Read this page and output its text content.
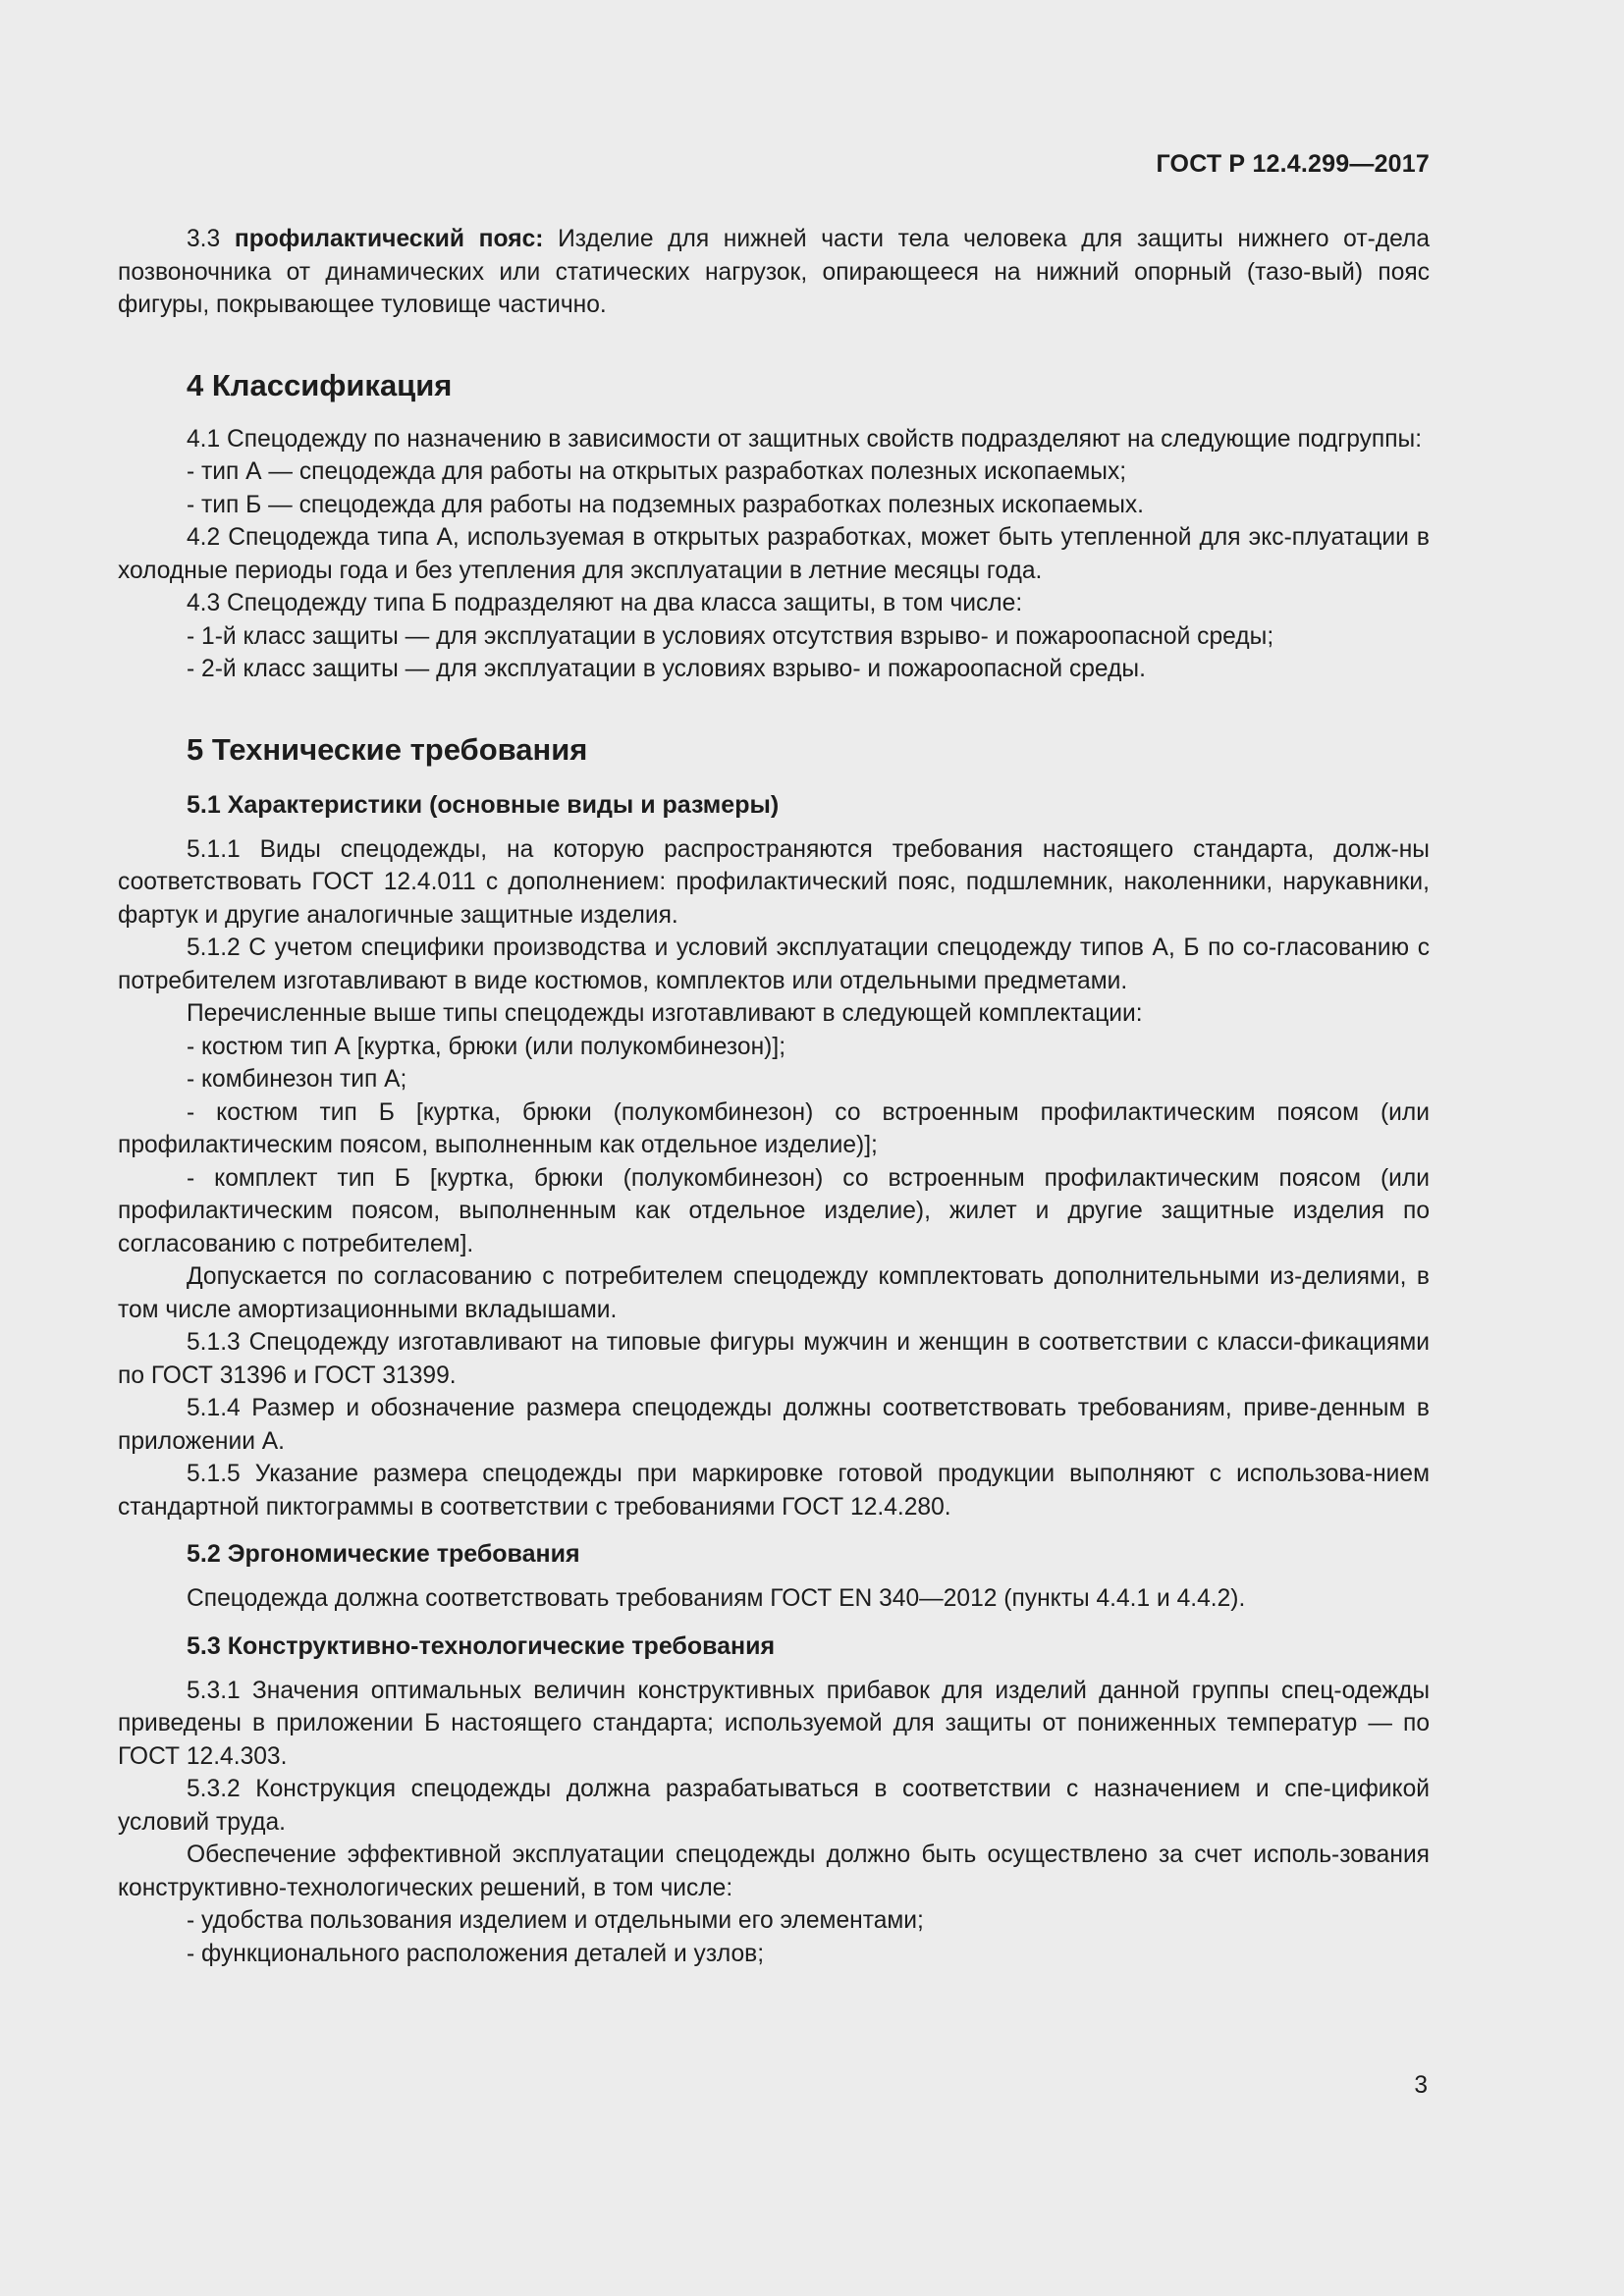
ГОСТ Р 12.4.299—2017

3.3 профилактический пояс: Изделие для нижней части тела человека для защиты нижнего от-дела позвоночника от динамических или статических нагрузок, опирающееся на нижний опорный (тазо-вый) пояс фигуры, покрывающее туловище частично.

4 Классификация

4.1 Спецодежду по назначению в зависимости от защитных свойств подразделяют на следующие подгруппы:

- тип А — спецодежда для работы на открытых разработках полезных ископаемых;

- тип Б — спецодежда для работы на подземных разработках полезных ископаемых.

4.2 Спецодежда типа А, используемая в открытых разработках, может быть утепленной для экс-плуатации в холодные периоды года и без утепления для эксплуатации в летние месяцы года.

4.3 Спецодежду типа Б подразделяют на два класса защиты, в том числе:

- 1-й класс защиты — для эксплуатации в условиях отсутствия взрыво- и пожароопасной среды;

- 2-й класс защиты — для эксплуатации в условиях взрыво- и пожароопасной среды.

5 Технические требования
5.1 Характеристики (основные виды и размеры)

5.1.1 Виды спецодежды, на которую распространяются требования настоящего стандарта, долж-ны соответствовать ГОСТ 12.4.011 с дополнением: профилактический пояс, подшлемник, наколенники, нарукавники, фартук и другие аналогичные защитные изделия.

5.1.2 С учетом специфики производства и условий эксплуатации спецодежду типов А, Б по со-гласованию с потребителем изготавливают в виде костюмов, комплектов или отдельными предметами.

Перечисленные выше типы спецодежды изготавливают в следующей комплектации:

- костюм тип А [куртка, брюки (или полукомбинезон)];

- комбинезон тип А;

- костюм тип Б [куртка, брюки (полукомбинезон) со встроенным профилактическим поясом (или профилактическим поясом, выполненным как отдельное изделие)];

- комплект тип Б [куртка, брюки (полукомбинезон) со встроенным профилактическим поясом (или профилактическим поясом, выполненным как отдельное изделие), жилет и другие защитные изделия по согласованию с потребителем].

Допускается по согласованию с потребителем спецодежду комплектовать дополнительными из-делиями, в том числе амортизационными вкладышами.

5.1.3 Спецодежду изготавливают на типовые фигуры мужчин и женщин в соответствии с класси-фикациями по ГОСТ 31396 и ГОСТ 31399.

5.1.4 Размер и обозначение размера спецодежды должны соответствовать требованиям, приве-денным в приложении А.

5.1.5 Указание размера спецодежды при маркировке готовой продукции выполняют с использова-нием стандартной пиктограммы в соответствии с требованиями ГОСТ 12.4.280.

5.2 Эргономические требования

Спецодежда должна соответствовать требованиям ГОСТ EN 340—2012 (пункты 4.4.1 и 4.4.2).

5.3 Конструктивно-технологические требования

5.3.1 Значения оптимальных величин конструктивных прибавок для изделий данной группы спец-одежды приведены в приложении Б настоящего стандарта; используемой для защиты от пониженных температур — по ГОСТ 12.4.303.

5.3.2 Конструкция спецодежды должна разрабатываться в соответствии с назначением и спе-цификой условий труда.

Обеспечение эффективной эксплуатации спецодежды должно быть осуществлено за счет исполь-зования конструктивно-технологических решений, в том числе:

- удобства пользования изделием и отдельными его элементами;

- функционального расположения деталей и узлов;

3
